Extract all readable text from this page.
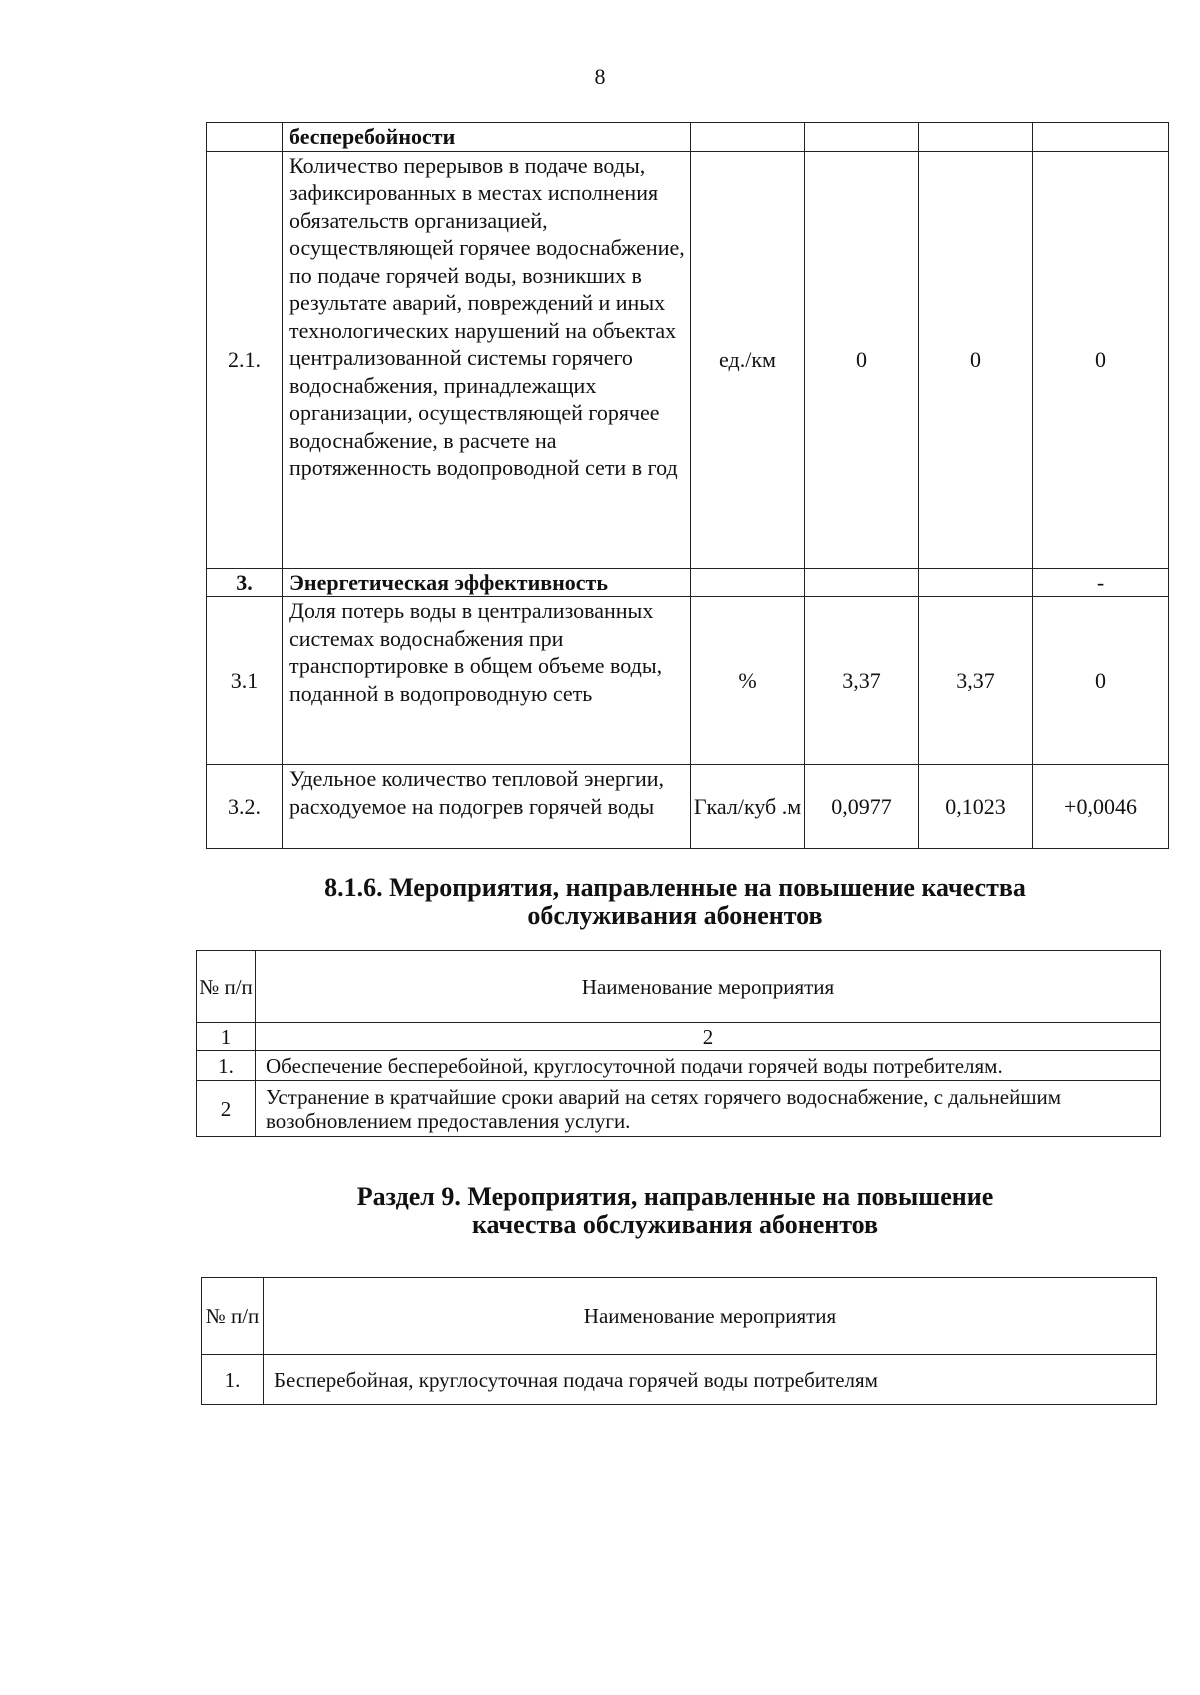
8
	бесперебойности				
2.1.	Количество перерывов в подаче воды, зафиксированных в местах исполнения обязательств организацией, осуществляющей горячее водоснабжение, по подаче горячей воды, возникших в результате аварий, повреждений и иных технологических нарушений на объектах централизованной системы горячего водоснабжения, принадлежащих организации, осуществляющей горячее водоснабжение, в расчете на протяженность водопроводной сети в год	ед./км	0	0	0
3.	Энергетическая эффективность				-
3.1	Доля потерь воды в централизованных системах водоснабжения при транспортировке в общем объеме воды, поданной в водопроводную сеть	%	3,37	3,37	0
3.2.	Удельное количество тепловой энергии, расходуемое на подогрев горячей воды	Гкал/куб .м	0,0977	0,1023	+0,0046
8.1.6. Мероприятия, направленные на повышение качества
обслуживания абонентов
№ п/п	Наименование мероприятия
1	2
1.	Обеспечение бесперебойной, круглосуточной подачи горячей воды потребителям.
2	Устранение в кратчайшие сроки аварий на сетях горячего водоснабжение, с дальнейшим возобновлением предоставления услуги.
Раздел 9. Мероприятия, направленные на повышение
качества обслуживания абонентов
№ п/п	Наименование мероприятия
1.	Бесперебойная, круглосуточная подача горячей воды потребителям
